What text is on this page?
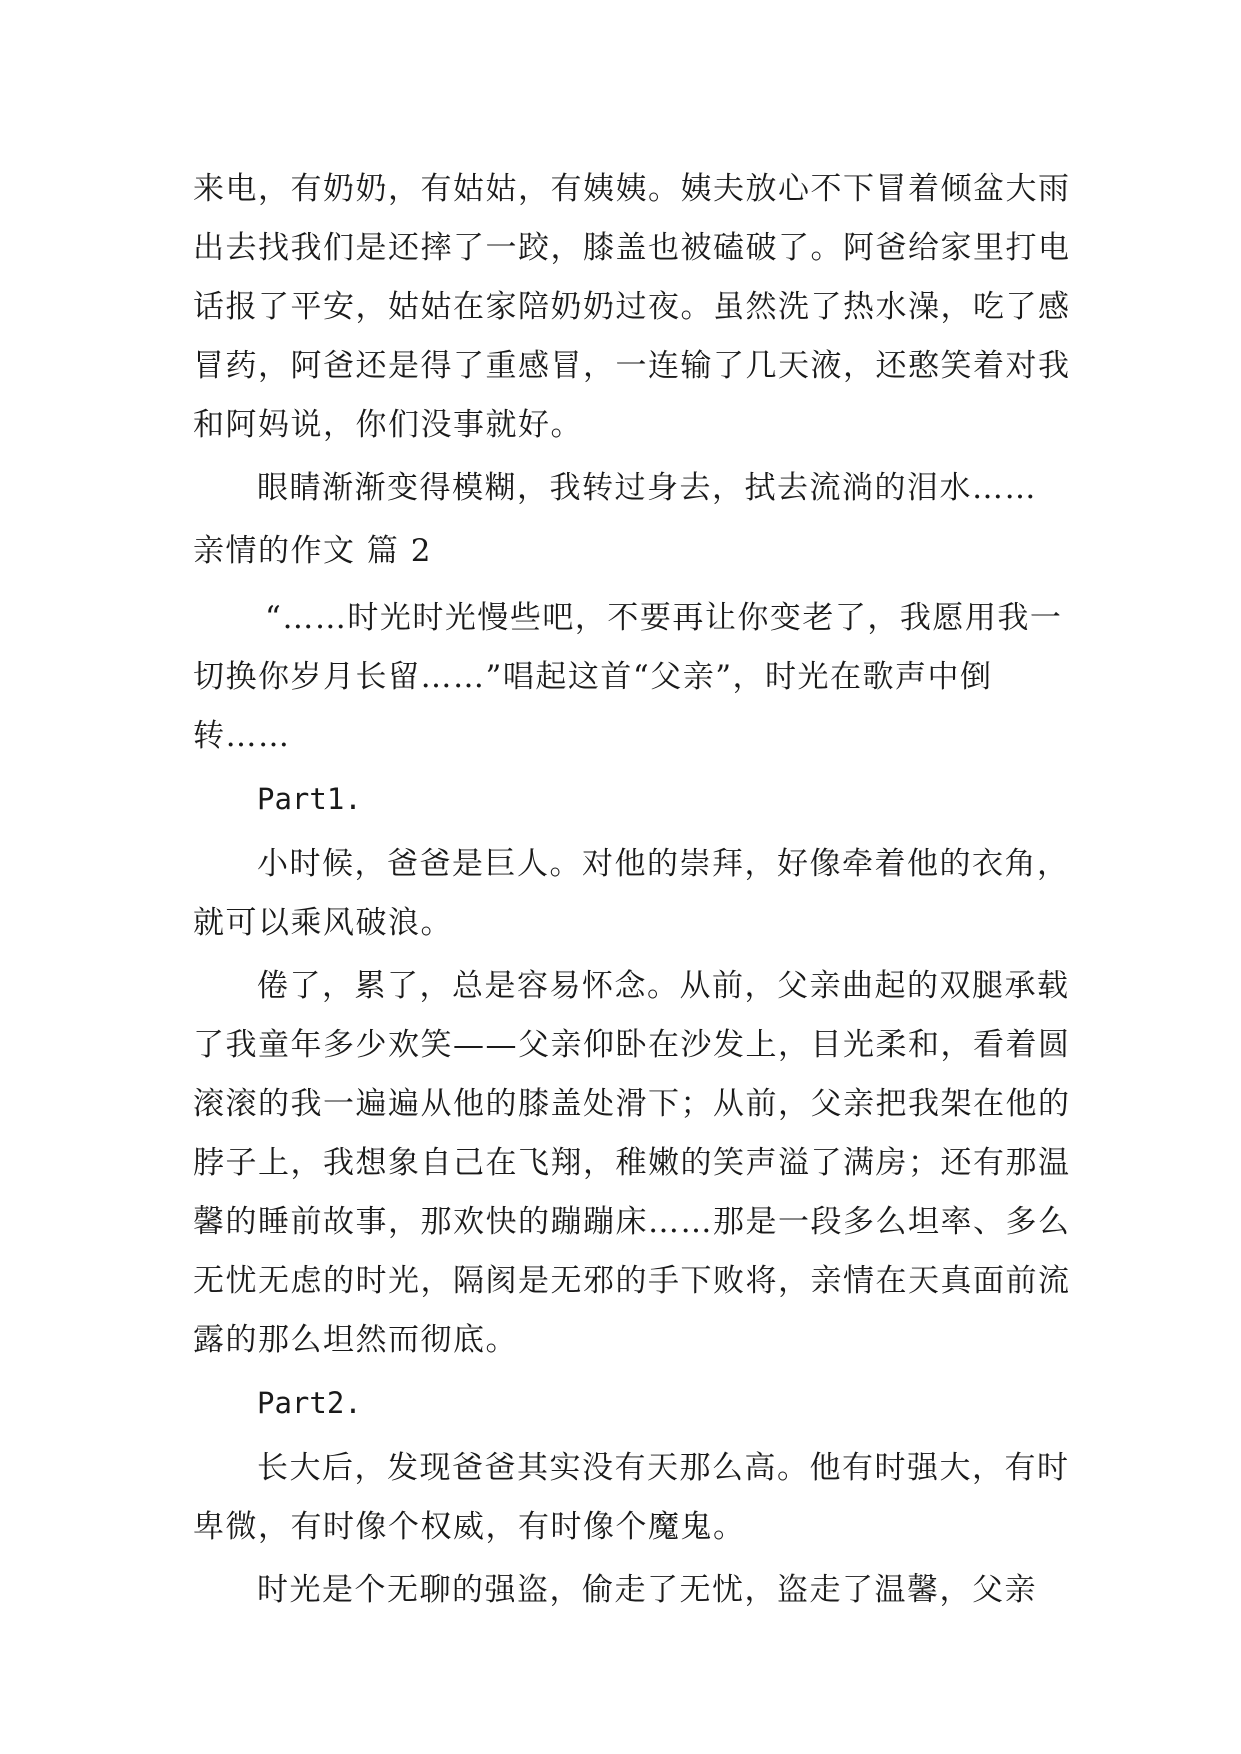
来电，有奶奶，有姑姑，有姨姨。姨夫放心不下冒着倾盆大雨出去找我们是还摔了一跤，膝盖也被磕破了。阿爸给家里打电话报了平安，姑姑在家陪奶奶过夜。虽然洗了热水澡，吃了感冒药，阿爸还是得了重感冒，一连输了几天液，还憨笑着对我和阿妈说，你们没事就好。

眼睛渐渐变得模糊，我转过身去，拭去流淌的泪水……

亲情的作文 篇 2

“……时光时光慢些吧，不要再让你变老了，我愿用我一切换你岁月长留……”唱起这首“父亲”，时光在歌声中倒转……

Part1.

小时候，爸爸是巨人。对他的崇拜，好像牵着他的衣角，就可以乘风破浪。

倦了，累了，总是容易怀念。从前，父亲曲起的双腿承载了我童年多少欢笑——父亲仰卧在沙发上，目光柔和，看着圆滚滚的我一遍遍从他的膝盖处滑下；从前，父亲把我架在他的脖子上，我想象自己在飞翔，稚嫩的笑声溢了满房；还有那温馨的睡前故事，那欢快的蹦蹦床……那是一段多么坦率、多么无忧无虑的时光，隔阂是无邪的手下败将，亲情在天真面前流露的那么坦然而彻底。

Part2.

长大后，发现爸爸其实没有天那么高。他有时强大，有时卑微，有时像个权威，有时像个魔鬼。

时光是个无聊的强盗，偷走了无忧，盗走了温馨，父亲
